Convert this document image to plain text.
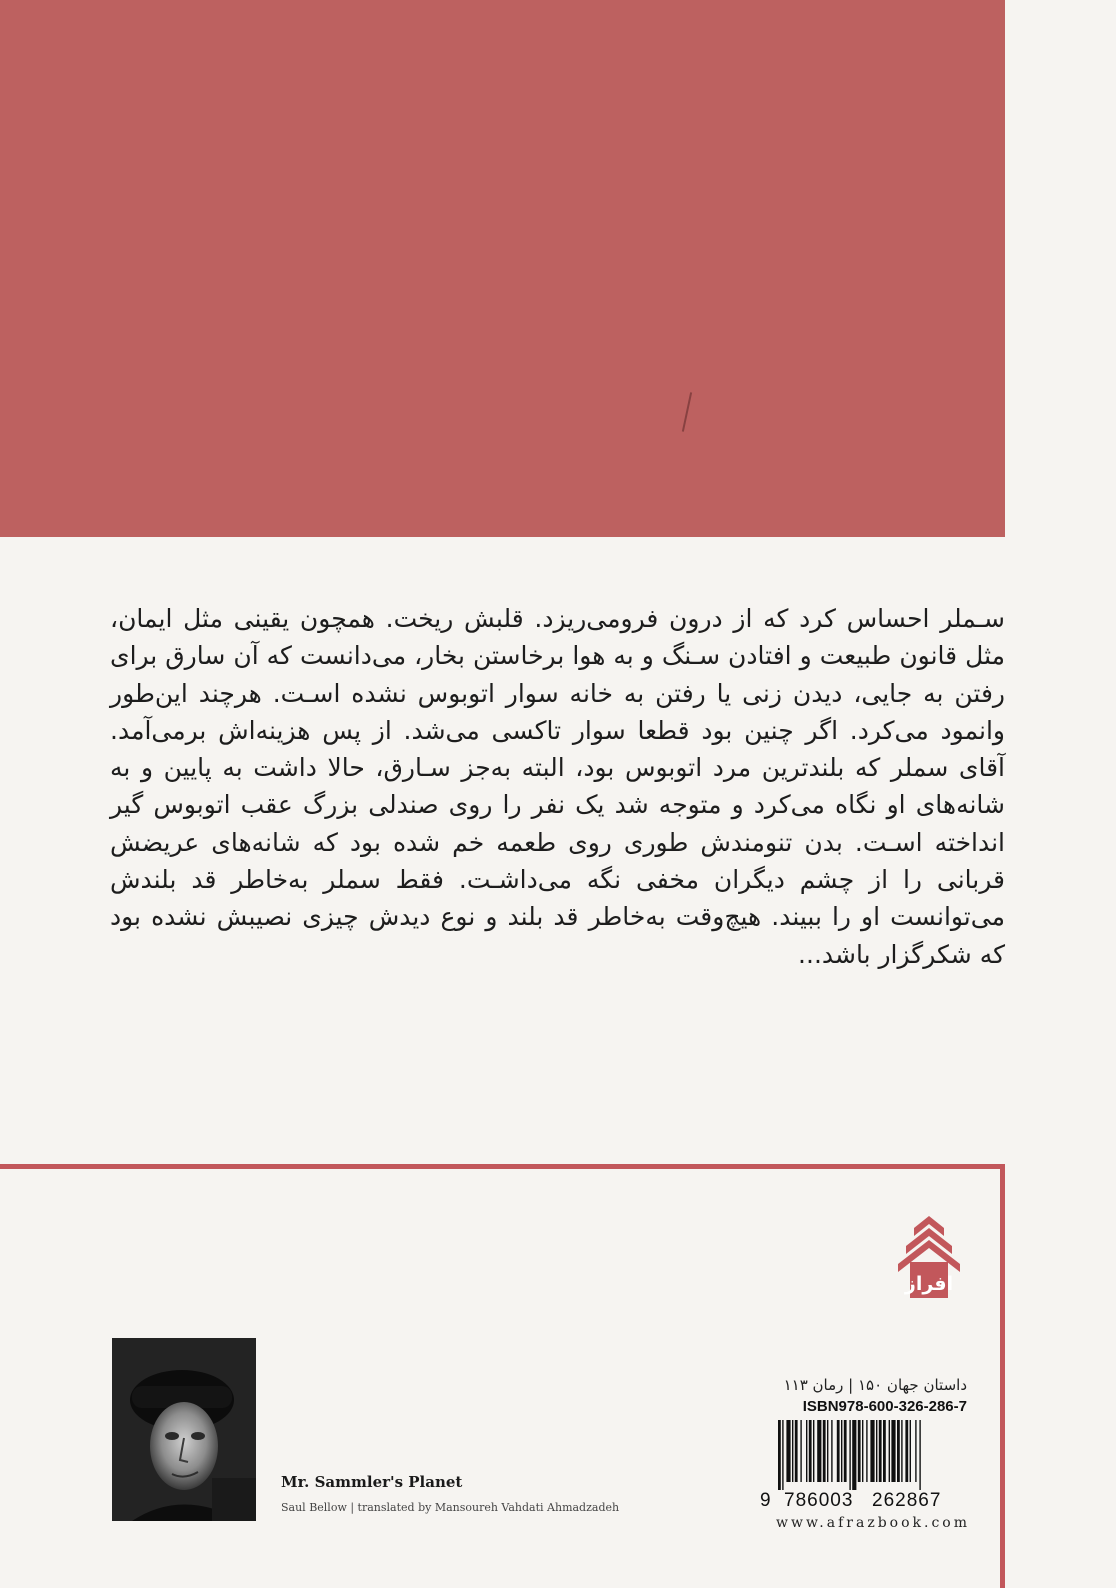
سـملر احساس کرد که از درون فرومی‌ریزد. قلبش ریخت. همچون یقینی مثل ایمان، مثل قانون طبیعت و افتادن سـنگ و به هوا برخاستن بخار، می‌دانست که آن سارق برای رفتن به جایی، دیدن زنی یا رفتن به خانه سوار اتوبوس نشده اسـت. هرچند این‌طور وانمود می‌کرد. اگر چنین بود قطعا سوار تاکسی می‌شد. از پس هزینه‌اش برمی‌آمد. آقای سملر که بلندترین مرد اتوبوس بود، البته به‌جز سـارق، حالا داشت به پایین و به شانه‌های او نگاه می‌کرد و متوجه شد یک نفر را روی صندلی بزرگ عقب اتوبوس گیر انداخته اسـت. بدن تنومندش طوری روی طعمه خم شده بود که شانه‌های عریضش قربانی را از چشم دیگران مخفی نگه می‌داشـت. فقط سملر به‌خاطر قد بلندش می‌توانست او را ببیند. هیچ‌وقت به‌خاطر قد بلند و نوع دیدش چیزی نصیبش نشده بود که شکرگزار باشد...
افراز
Mr. Sammler's Planet
Saul Bellow | translated by Mansoureh Vahdati Ahmadzadeh
داستان جهان ۱۵۰ | رمان ۱۱۳
ISBN978-600-326-286-7
9 786003 262867
www.afrazbook.com
